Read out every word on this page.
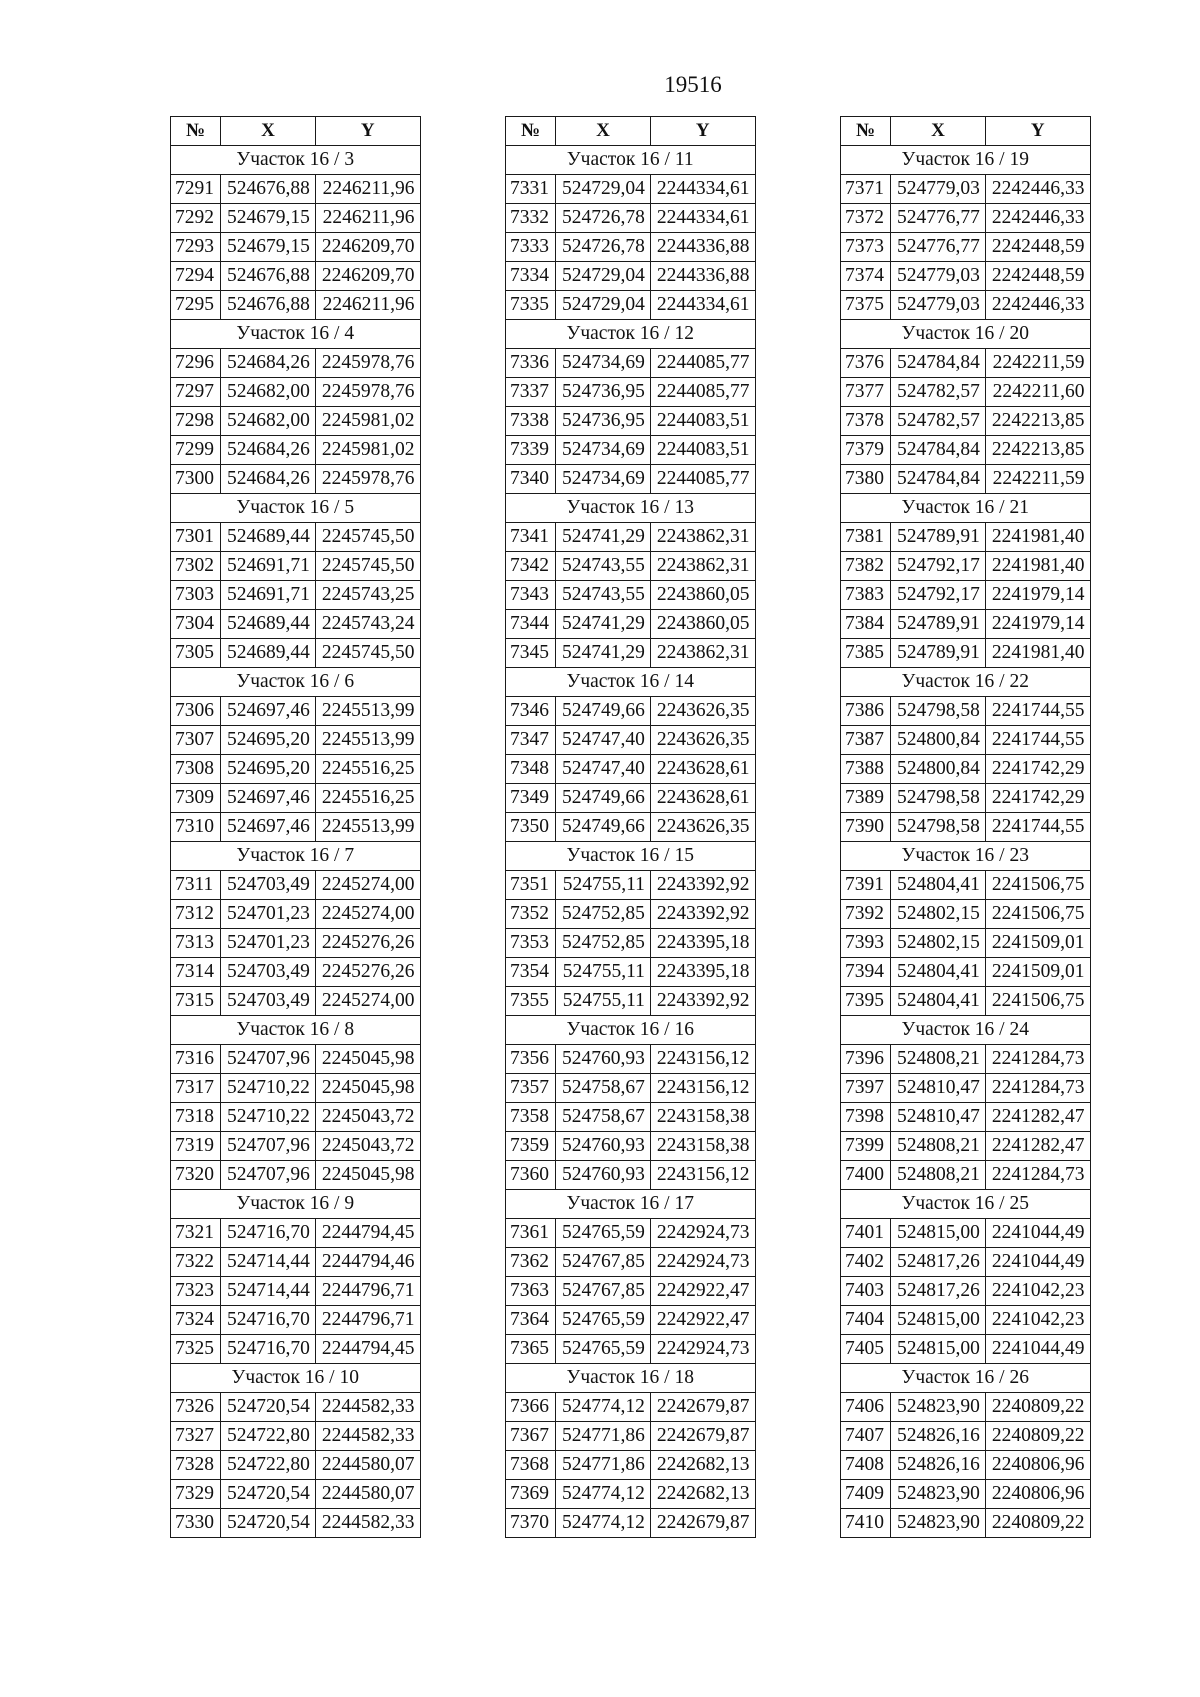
19516
№	X	Y
Участок 16 / 3		
7291	524676,88	2246211,96
7292	524679,15	2246211,96
7293	524679,15	2246209,70
7294	524676,88	2246209,70
7295	524676,88	2246211,96
Участок 16 / 4		
7296	524684,26	2245978,76
7297	524682,00	2245978,76
7298	524682,00	2245981,02
7299	524684,26	2245981,02
7300	524684,26	2245978,76
Участок 16 / 5		
7301	524689,44	2245745,50
7302	524691,71	2245745,50
7303	524691,71	2245743,25
7304	524689,44	2245743,24
7305	524689,44	2245745,50
Участок 16 / 6		
7306	524697,46	2245513,99
7307	524695,20	2245513,99
7308	524695,20	2245516,25
7309	524697,46	2245516,25
7310	524697,46	2245513,99
Участок 16 / 7		
7311	524703,49	2245274,00
7312	524701,23	2245274,00
7313	524701,23	2245276,26
7314	524703,49	2245276,26
7315	524703,49	2245274,00
Участок 16 / 8		
7316	524707,96	2245045,98
7317	524710,22	2245045,98
7318	524710,22	2245043,72
7319	524707,96	2245043,72
7320	524707,96	2245045,98
Участок 16 / 9		
7321	524716,70	2244794,45
7322	524714,44	2244794,46
7323	524714,44	2244796,71
7324	524716,70	2244796,71
7325	524716,70	2244794,45
Участок 16 / 10		
7326	524720,54	2244582,33
7327	524722,80	2244582,33
7328	524722,80	2244580,07
7329	524720,54	2244580,07
7330	524720,54	2244582,33
№	X	Y
Участок 16 / 11		
7331	524729,04	2244334,61
7332	524726,78	2244334,61
7333	524726,78	2244336,88
7334	524729,04	2244336,88
7335	524729,04	2244334,61
Участок 16 / 12		
7336	524734,69	2244085,77
7337	524736,95	2244085,77
7338	524736,95	2244083,51
7339	524734,69	2244083,51
7340	524734,69	2244085,77
Участок 16 / 13		
7341	524741,29	2243862,31
7342	524743,55	2243862,31
7343	524743,55	2243860,05
7344	524741,29	2243860,05
7345	524741,29	2243862,31
Участок 16 / 14		
7346	524749,66	2243626,35
7347	524747,40	2243626,35
7348	524747,40	2243628,61
7349	524749,66	2243628,61
7350	524749,66	2243626,35
Участок 16 / 15		
7351	524755,11	2243392,92
7352	524752,85	2243392,92
7353	524752,85	2243395,18
7354	524755,11	2243395,18
7355	524755,11	2243392,92
Участок 16 / 16		
7356	524760,93	2243156,12
7357	524758,67	2243156,12
7358	524758,67	2243158,38
7359	524760,93	2243158,38
7360	524760,93	2243156,12
Участок 16 / 17		
7361	524765,59	2242924,73
7362	524767,85	2242924,73
7363	524767,85	2242922,47
7364	524765,59	2242922,47
7365	524765,59	2242924,73
Участок 16 / 18		
7366	524774,12	2242679,87
7367	524771,86	2242679,87
7368	524771,86	2242682,13
7369	524774,12	2242682,13
7370	524774,12	2242679,87
№	X	Y
Участок 16 / 19		
7371	524779,03	2242446,33
7372	524776,77	2242446,33
7373	524776,77	2242448,59
7374	524779,03	2242448,59
7375	524779,03	2242446,33
Участок 16 / 20		
7376	524784,84	2242211,59
7377	524782,57	2242211,60
7378	524782,57	2242213,85
7379	524784,84	2242213,85
7380	524784,84	2242211,59
Участок 16 / 21		
7381	524789,91	2241981,40
7382	524792,17	2241981,40
7383	524792,17	2241979,14
7384	524789,91	2241979,14
7385	524789,91	2241981,40
Участок 16 / 22		
7386	524798,58	2241744,55
7387	524800,84	2241744,55
7388	524800,84	2241742,29
7389	524798,58	2241742,29
7390	524798,58	2241744,55
Участок 16 / 23		
7391	524804,41	2241506,75
7392	524802,15	2241506,75
7393	524802,15	2241509,01
7394	524804,41	2241509,01
7395	524804,41	2241506,75
Участок 16 / 24		
7396	524808,21	2241284,73
7397	524810,47	2241284,73
7398	524810,47	2241282,47
7399	524808,21	2241282,47
7400	524808,21	2241284,73
Участок 16 / 25		
7401	524815,00	2241044,49
7402	524817,26	2241044,49
7403	524817,26	2241042,23
7404	524815,00	2241042,23
7405	524815,00	2241044,49
Участок 16 / 26		
7406	524823,90	2240809,22
7407	524826,16	2240809,22
7408	524826,16	2240806,96
7409	524823,90	2240806,96
7410	524823,90	2240809,22
